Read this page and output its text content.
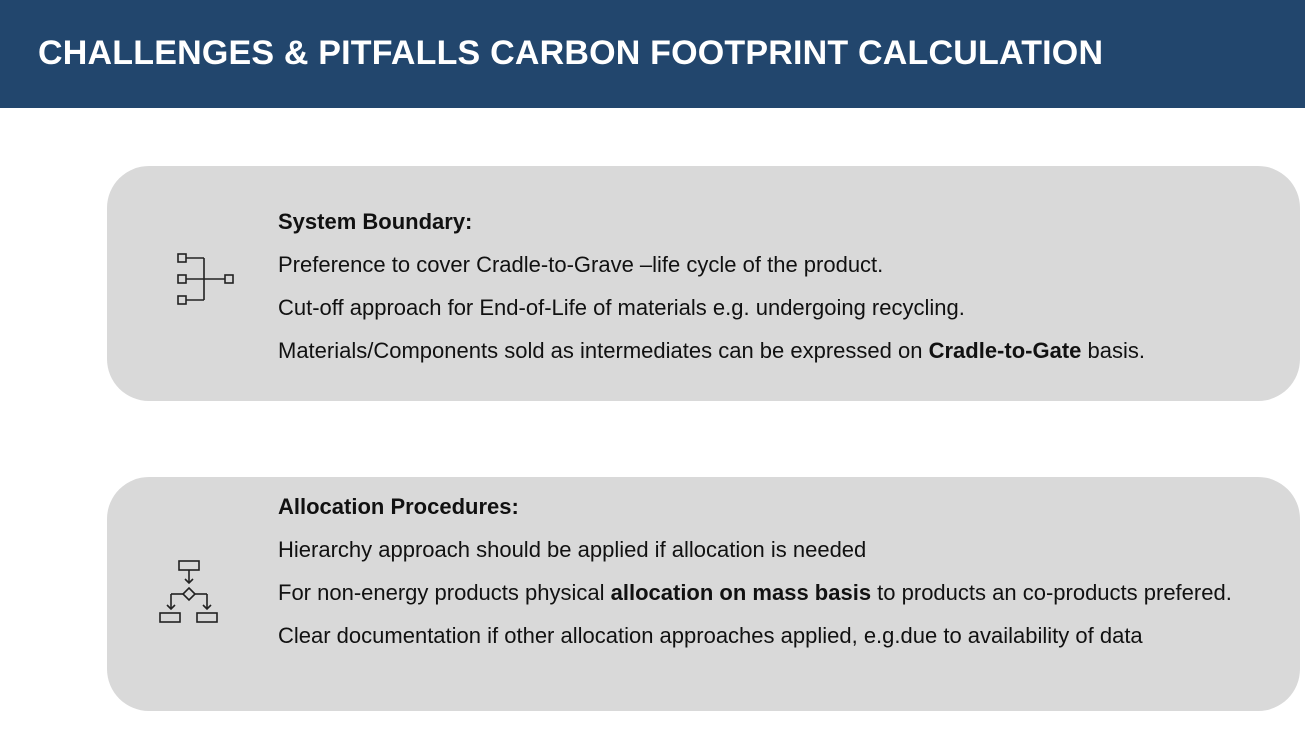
CHALLENGES & PITFALLS CARBON FOOTPRINT CALCULATION
System Boundary:
Preference to cover Cradle-to-Grave –life cycle of the product.
Cut-off approach for End-of-Life of materials e.g. undergoing recycling.
Materials/Components sold as intermediates can be expressed on Cradle-to-Gate basis.
Allocation Procedures:
Hierarchy approach should be applied if allocation is needed
For non-energy products physical allocation on mass basis to products an co-products prefered.
Clear documentation if other allocation approaches applied, e.g.due to availability of data
